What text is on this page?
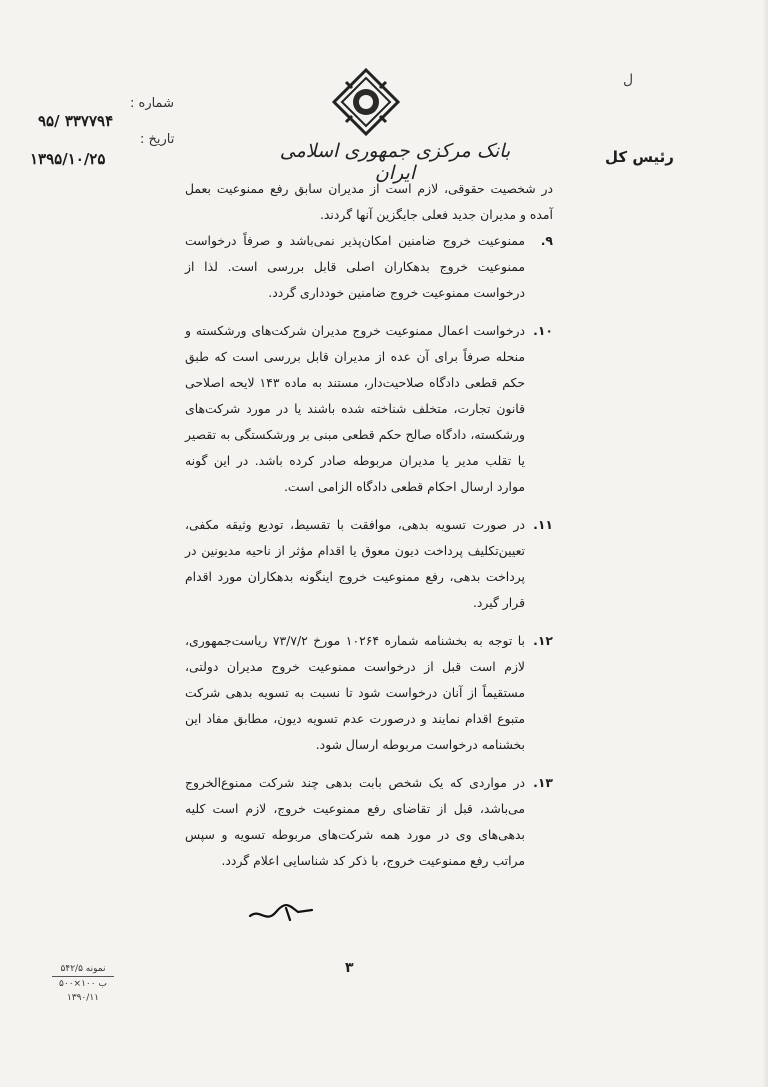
بانک مرکزی جمهوری اسلامی ایران
شماره :
۹۵/ ۳۳۷۷۹۴
تاریخ :
۱۳۹۵/۱۰/۲۵
ل
رئیس کل

در شخصیت حقوقی، لازم است از مدیران سابق رفع ممنوعیت بعمل آمده و مدیران جدید فعلی جایگزین آنها گردند.

۹.
ممنوعیت خروج ضامنین امکان‌پذیر نمی‌باشد و صرفاً درخواست ممنوعیت خروج بدهکاران اصلی قابل بررسی است. لذا از درخواست ممنوعیت خروج ضامنین خودداری گردد.
۱۰.
درخواست اعمال ممنوعیت خروج مدیران شرکت‌های ورشکسته و منحله صرفاً برای آن عده از مدیران قابل بررسی است که طبق حکم قطعی دادگاه صلاحیت‌دار، مستند به ماده ۱۴۳ لایحه اصلاحی قانون تجارت، متخلف شناخته شده باشند یا در مورد شرکت‌های ورشکسته، دادگاه صالح حکم قطعی مبنی بر ورشکستگی به تقصیر یا تقلب مدیر یا مدیران مربوطه صادر کرده باشد. در این گونه موارد ارسال احکام قطعی دادگاه الزامی است.
۱۱.
در صورت تسویه بدهی، موافقت با تقسیط، تودیع وثیقه مکفی، تعیین‌تکلیف پرداخت دیون معوق یا اقدام مؤثر از ناحیه مدیونین در پرداخت بدهی، رفع ممنوعیت خروج اینگونه بدهکاران مورد اقدام قرار گیرد.
۱۲.
با توجه به بخشنامه شماره ۱۰۲۶۴ مورخ ۷۳/۷/۲ ریاست‌جمهوری، لازم است قبل از درخواست ممنوعیت خروج مدیران دولتی، مستقیماً از آنان درخواست شود تا نسبت به تسویه بدهی شرکت متبوع اقدام نمایند و درصورت عدم تسویه دیون، مطابق مفاد این بخشنامه درخواست مربوطه ارسال شود.
۱۳.
در مواردی که یک شخص بابت بدهی چند شرکت ممنوع‌الخروج می‌باشد، قبل از تقاضای رفع ممنوعیت خروج، لازم است کلیه بدهی‌های وی در مورد همه شرکت‌های مربوطه تسویه و سپس مراتب رفع ممنوعیت خروج، با ذکر کد شناسایی اعلام گردد.
۳
نمونه ۵۴۲/۵
۵۰۰×۱۰۰ ب
۱۳۹۰/۱۱
